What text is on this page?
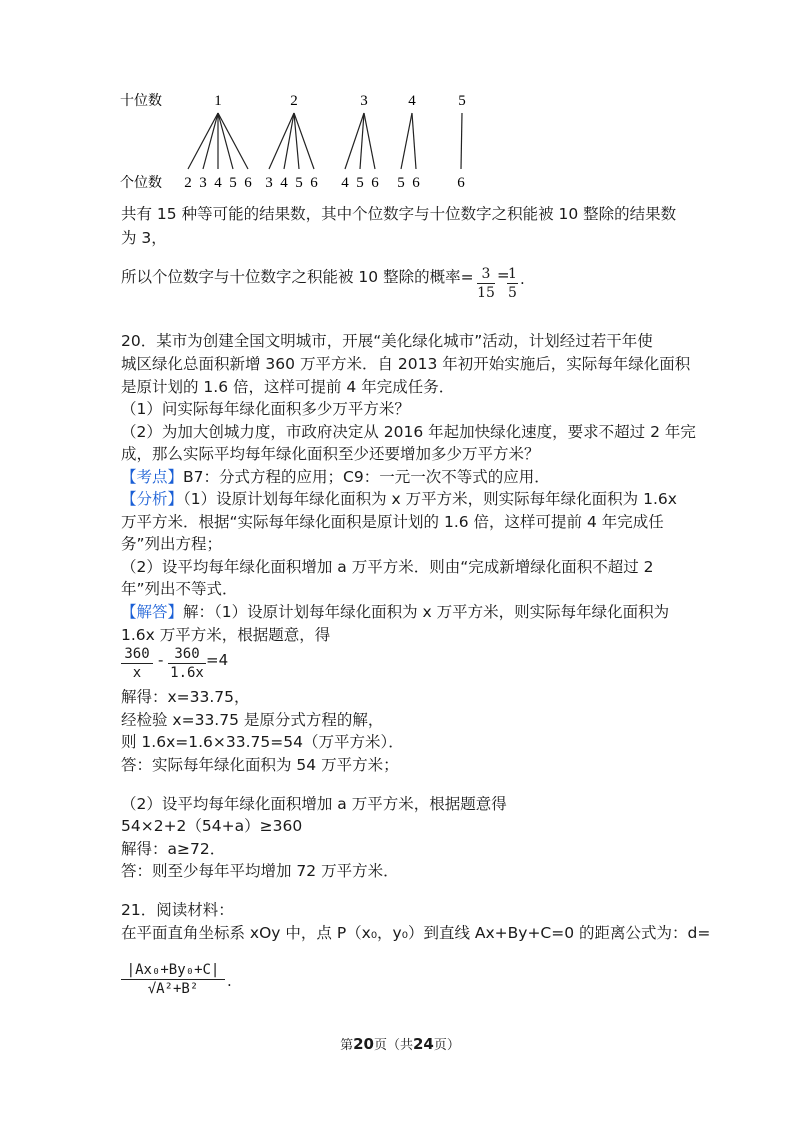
十位数
个位数
1
2 3 4 5 6
2
3 4 5 6
3
4 5 6
4
5 6
5
6
共有 15 种等可能的结果数，其中个位数字与十位数字之积能被 10 整除的结果数
为 3，
所以个位数字与十位数字之积能被 10 整除的概率= 3
15
=
1
5
.
20．某市为创建全国文明城市，开展“美化绿化城市”活动，计划经过若干年使
城区绿化总面积新增 360 万平方米．自 2013 年初开始实施后，实际每年绿化面积
是原计划的 1.6 倍，这样可提前 4 年完成任务．
（1）问实际每年绿化面积多少万平方米？
（2）为加大创城力度，市政府决定从 2016 年起加快绿化速度，要求不超过 2 年完
成，那么实际平均每年绿化面积至少还要增加多少万平方米？
【考点】B7：分式方程的应用；C9：一元一次不等式的应用．
【分析】（1）设原计划每年绿化面积为 x 万平方米，则实际每年绿化面积为 1.6x
万平方米．根据“实际每年绿化面积是原计划的 1.6 倍，这样可提前 4 年完成任
务”列出方程；
（2）设平均每年绿化面积增加 a 万平方米．则由“完成新增绿化面积不超过 2
年”列出不等式．
【解答】解：（1）设原计划每年绿化面积为 x 万平方米，则实际每年绿化面积为
1.6x 万平方米，根据题意，得
360
x
- 360
1.6x
=4
解得：x=33.75，
经检验 x=33.75 是原分式方程的解，
则 1.6x=1.6×33.75=54（万平方米）．
答：实际每年绿化面积为 54 万平方米；
（2）设平均每年绿化面积增加 a 万平方米，根据题意得
54×2+2（54+a）≥360
解得：a≥72．
答：则至少每年平均增加 72 万平方米．
21．阅读材料：
在平面直角坐标系 xOy 中，点 P（x₀，y₀）到直线 Ax+By+C=0 的距离公式为：d=
|Ax₀+By₀+C|
√A²+B²	.
第20页（共24页）
